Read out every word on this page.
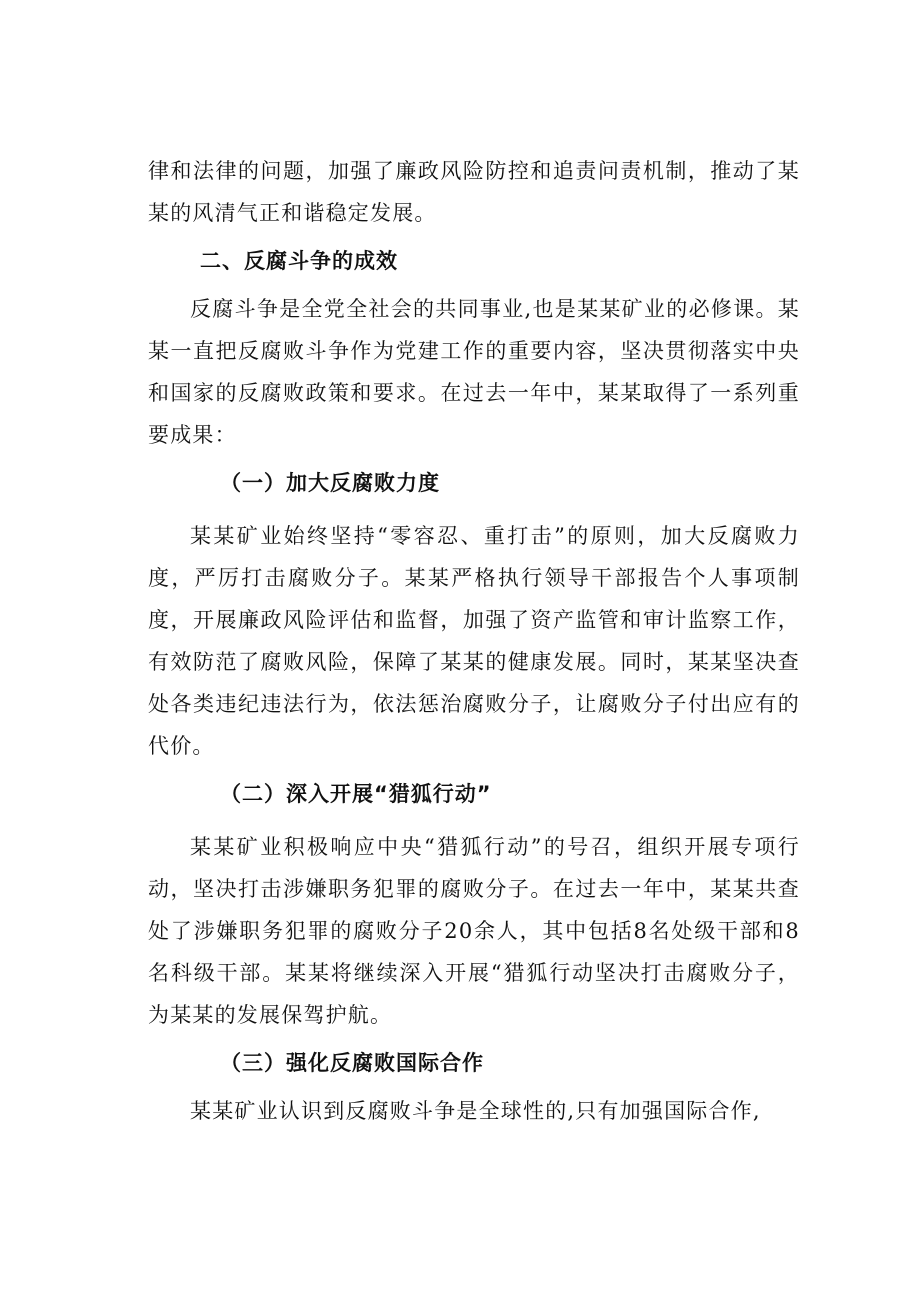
律和法律的问题，加强了廉政风险防控和追责问责机制，推动了某某的风清气正和谐稳定发展。

二、反腐斗争的成效

反腐斗争是全党全社会的共同事业,也是某某矿业的必修课。某某一直把反腐败斗争作为党建工作的重要内容，坚决贯彻落实中央和国家的反腐败政策和要求。在过去一年中，某某取得了一系列重要成果：

（一）加大反腐败力度

某某矿业始终坚持“零容忍、重打击”的原则，加大反腐败力度，严厉打击腐败分子。某某严格执行领导干部报告个人事项制度，开展廉政风险评估和监督，加强了资产监管和审计监察工作，有效防范了腐败风险，保障了某某的健康发展。同时，某某坚决查处各类违纪违法行为，依法惩治腐败分子，让腐败分子付出应有的代价。

（二）深入开展“猎狐行动”

某某矿业积极响应中央“猎狐行动”的号召，组织开展专项行动，坚决打击涉嫌职务犯罪的腐败分子。在过去一年中，某某共查处了涉嫌职务犯罪的腐败分子20余人，其中包括8名处级干部和8名科级干部。某某将继续深入开展“猎狐行动坚决打击腐败分子，为某某的发展保驾护航。

（三）强化反腐败国际合作

某某矿业认识到反腐败斗争是全球性的,只有加强国际合作,
